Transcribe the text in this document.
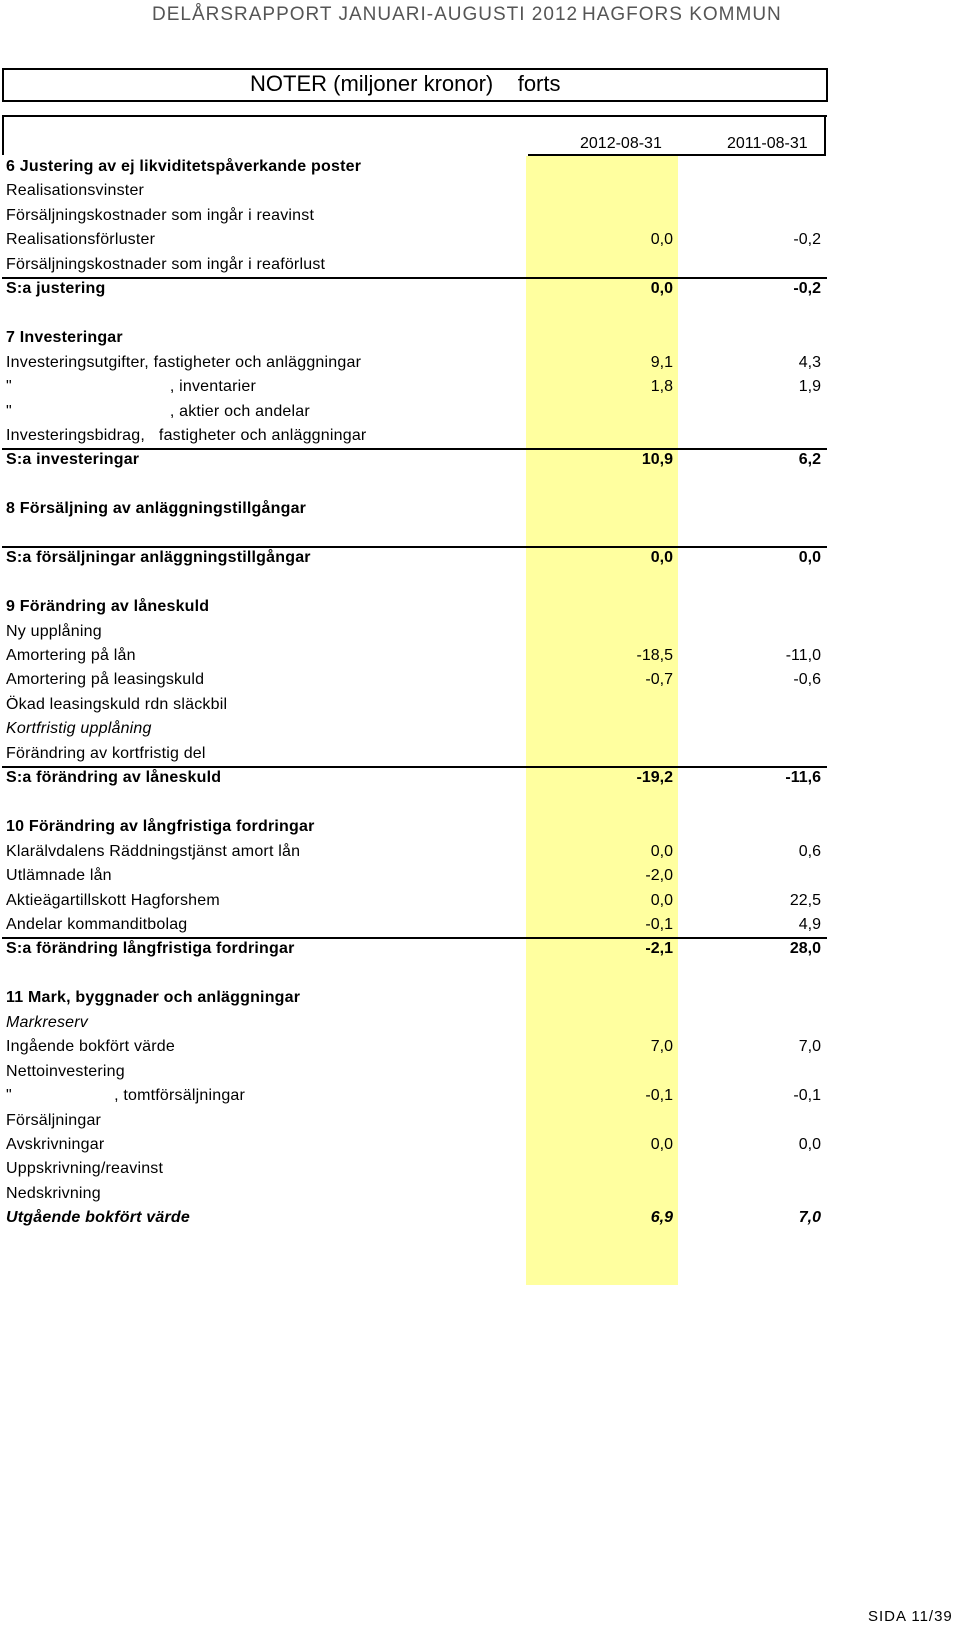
DELÅRSRAPPORT JANUARI-AUGUSTI 2012 HAGFORS KOMMUN
NOTER (miljoner kronor)    forts
2012-08-31	2011-08-31
6 Justering av ej likviditetspåverkande poster
Realisationsvinster
Försäljningskostnader som ingår i reavinst
Realisationsförluster	0,0	-0,2
Försäljningskostnader som ingår i reaförlust
S:a justering	0,0	-0,2
7 Investeringar
Investeringsutgifter, fastigheter och anläggningar	9,1	4,3
"                                  , inventarier	1,8	1,9
"                                  , aktier och andelar
Investeringsbidrag,   fastigheter och anläggningar
S:a investeringar	10,9	6,2
8 Försäljning av anläggningstillgångar
S:a försäljningar anläggningstillgångar	0,0	0,0
9 Förändring av låneskuld
Ny upplåning
Amortering på lån	-18,5	-11,0
Amortering på leasingskuld	-0,7	-0,6
Ökad leasingskuld rdn släckbil
Kortfristig upplåning
Förändring av kortfristig del
S:a förändring av låneskuld	-19,2	-11,6
10 Förändring av långfristiga fordringar
Klarälvdalens Räddningstjänst amort lån	0,0	0,6
Utlämnade lån	-2,0
Aktieägartillskott Hagforshem	0,0	22,5
Andelar kommanditbolag	-0,1	4,9
S:a förändring långfristiga fordringar	-2,1	28,0
11 Mark, byggnader och anläggningar
Markreserv
Ingående bokfört värde	7,0	7,0
Nettoinvestering
"                      , tomtförsäljningar	-0,1	-0,1
Försäljningar
Avskrivningar	0,0	0,0
Uppskrivning/reavinst
Nedskrivning
Utgående bokfört värde	6,9	7,0
SIDA 11/39
